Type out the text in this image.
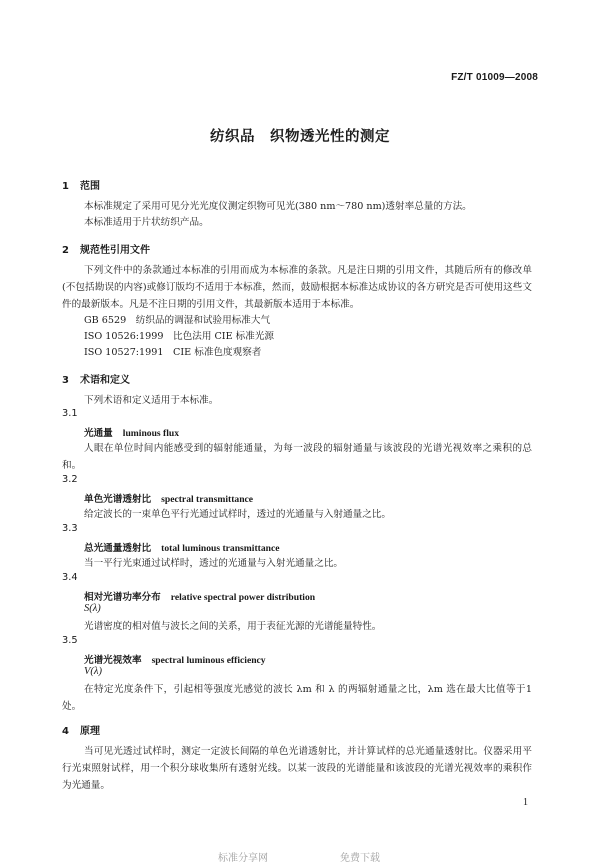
FZ/T 01009—2008
纺织品　织物透光性的测定
1 范围
本标准规定了采用可见分光光度仪测定织物可见光(380 nm～780 nm)透射率总量的方法。
本标准适用于片状纺织产品。
2 规范性引用文件
下列文件中的条款通过本标准的引用而成为本标准的条款。凡是注日期的引用文件，其随后所有的修改单(不包括勘误的内容)或修订版均不适用于本标准，然而，鼓励根据本标准达成协议的各方研究是否可使用这些文件的最新版本。凡是不注日期的引用文件，其最新版本适用于本标准。
GB 6529　纺织品的调湿和试验用标准大气
ISO 10526:1999　比色法用 CIE 标准光源
ISO 10527:1991　CIE 标准色度观察者
3 术语和定义
下列术语和定义适用于本标准。
3.1
光通量 luminous flux
人眼在单位时间内能感受到的辐射能通量，为每一波段的辐射通量与该波段的光谱光视效率之乘积的总和。
3.2
单色光谱透射比 spectral transmittance
给定波长的一束单色平行光通过试样时，透过的光通量与入射通量之比。
3.3
总光通量透射比 total luminous transmittance
当一平行光束通过试样时，透过的光通量与入射光通量之比。
3.4
相对光谱功率分布 relative spectral power distribution
S(λ)
光谱密度的相对值与波长之间的关系，用于表征光源的光谱能量特性。
3.5
光谱光视效率 spectral luminous efficiency
V(λ)
在特定光度条件下，引起相等强度光感觉的波长 λm 和 λ 的两辐射通量之比，λm 选在最大比值等于1处。
4 原理
当可见光透过试样时，测定一定波长间隔的单色光谱透射比，并计算试样的总光通量透射比。仪器采用平行光束照射试样，用一个积分球收集所有透射光线。以某一波段的光谱能量和该波段的光谱光视效率的乘积作为光通量。
1
标准分享网	免费下载
